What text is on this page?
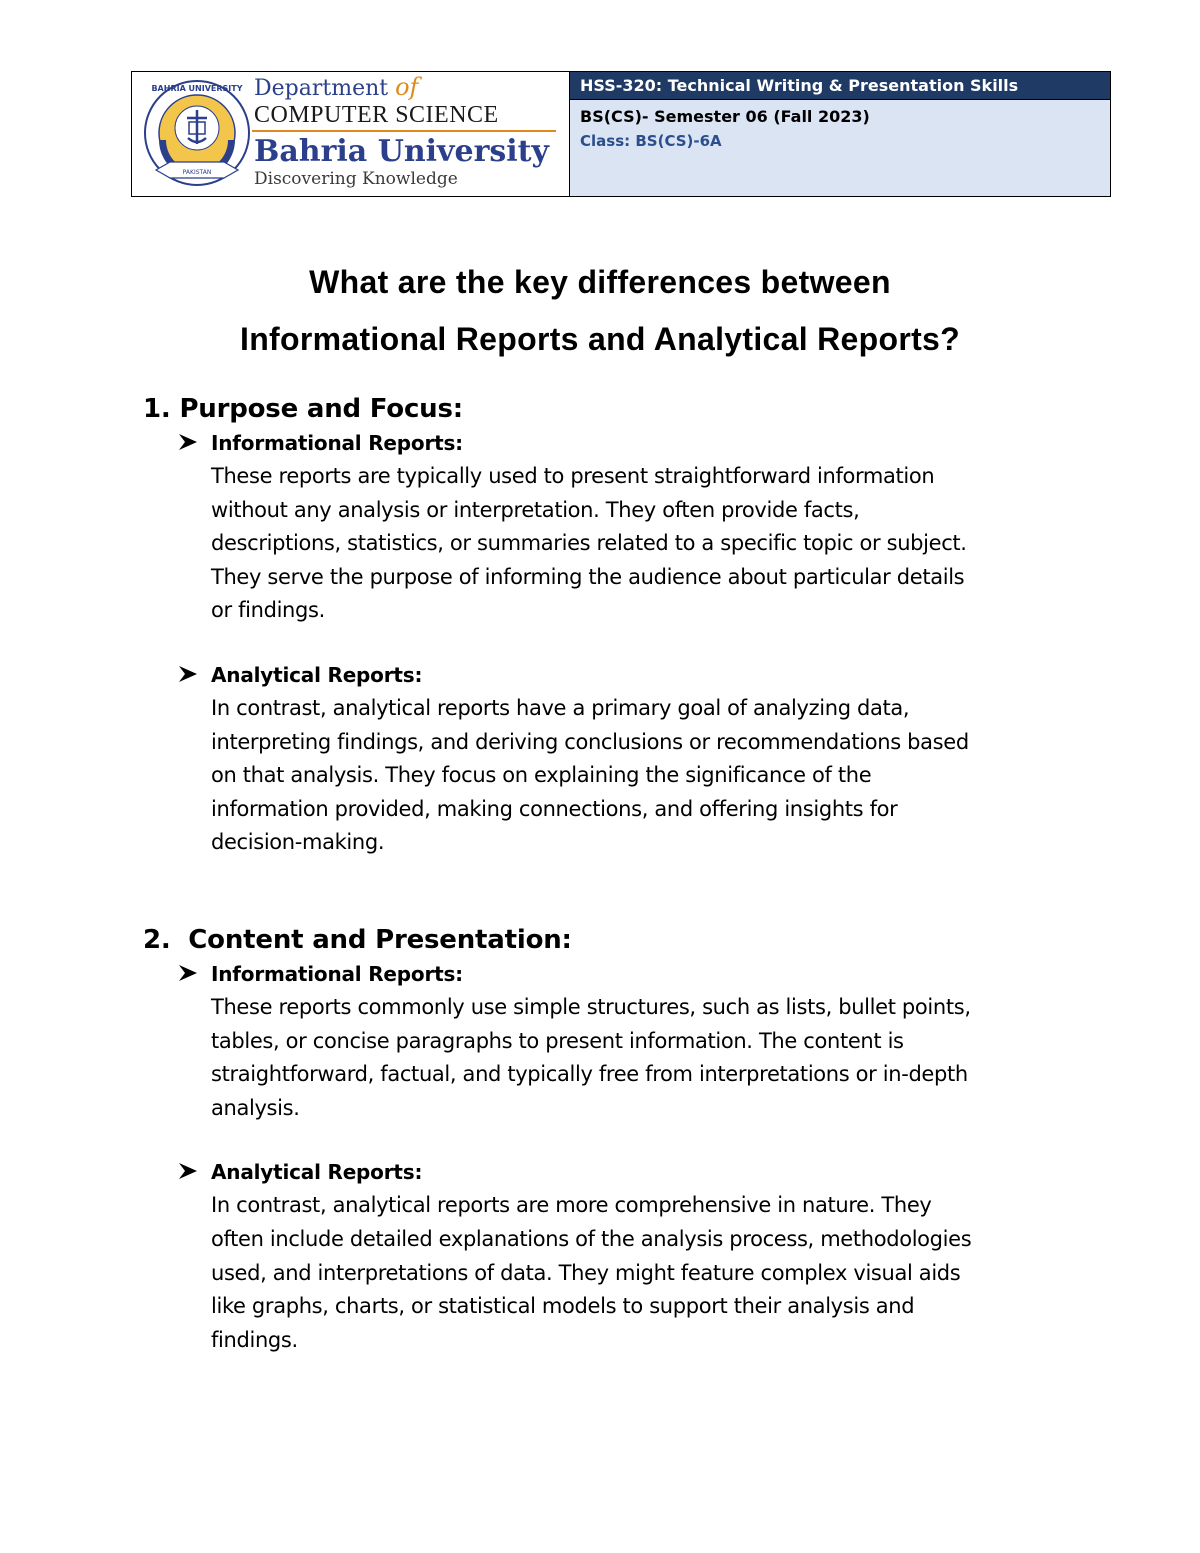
PAKISTAN
BAHRIA UNIVERSITY Department of
COMPUTER SCIENCE
Bahria University
Discovering Knowledge
HSS-320: Technical Writing & Presentation Skills
BS(CS)- Semester 06 (Fall 2023)
Class: BS(CS)-6A
What are the key differences between
Informational Reports and Analytical Reports?
1. Purpose and Focus:
Informational Reports:
These reports are typically used to present straightforward information
without any analysis or interpretation. They often provide facts,
descriptions, statistics, or summaries related to a specific topic or subject.
They serve the purpose of informing the audience about particular details
or findings.
Analytical Reports:
In contrast, analytical reports have a primary goal of analyzing data,
interpreting findings, and deriving conclusions or recommendations based
on that analysis. They focus on explaining the significance of the
information provided, making connections, and offering insights for
decision-making.
2. Content and Presentation:
Informational Reports:
These reports commonly use simple structures, such as lists, bullet points,
tables, or concise paragraphs to present information. The content is
straightforward, factual, and typically free from interpretations or in-depth
analysis.
Analytical Reports:
In contrast, analytical reports are more comprehensive in nature. They
often include detailed explanations of the analysis process, methodologies
used, and interpretations of data. They might feature complex visual aids
like graphs, charts, or statistical models to support their analysis and
findings.
